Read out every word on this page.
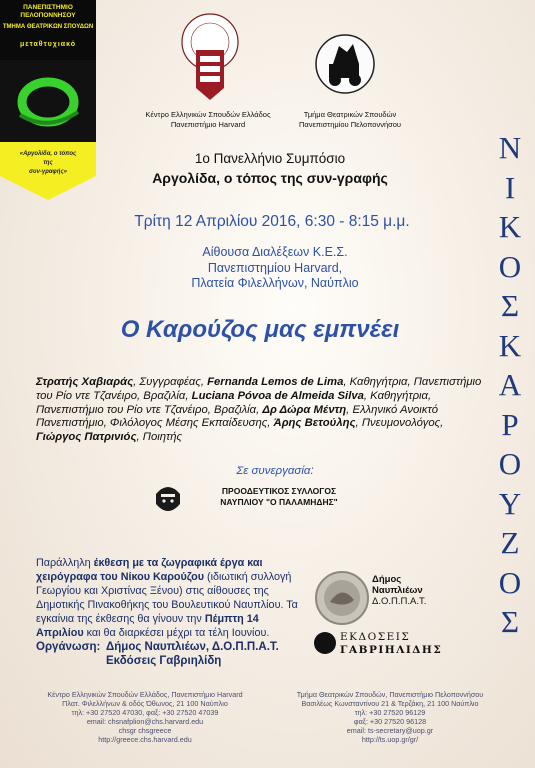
ΠΑΝΕΠΙΣΤΗΜΙΟ
ΠΕΛΟΠΟΝΝΗΣΟΥ
ΤΜΗΜΑ ΘΕΑΤΡΙΚΩΝ ΣΠΟΥΔΩΝ
μεταθτυχιακό
«Αργολίδα, ο τόπος
της
συν-γραφής»
Κέντρο Ελληνικών Σπουδών Ελλάδος
Πανεπιστήμιο Harvard
Τμήμα Θεατρικών Σπουδών
Πανεπιστημίου Πελοποννήσου
1ο Πανελλήνιο Συμπόσιο
Αργολίδα, ο τόπος της συν-γραφής
Τρίτη 12 Απριλίου 2016, 6:30 - 8:15 μ.μ.
Αίθουσα Διαλέξεων Κ.Ε.Σ.
Πανεπιστημίου Harvard,
Πλατεία Φιλελλήνων, Ναύπλιο
Ο Καρούζος μας εμπνέει
Στρατής Χαβιαράς, Συγγραφέας, Fernanda Lemos de Lima, Καθηγήτρια, Πανεπιστήμιο του Ρίο ντε Τζανέιρο, Βραζιλία, Luciana Póvoa de Almeida Silva, Καθηγήτρια, Πανεπιστήμιο του Ρίο ντε Τζανέιρο, Βραζιλία, Δρ Δώρα Μέντη, Ελληνικό Ανοικτό Πανεπιστήμιο, Φιλόλογος Μέσης Εκπαίδευσης, Άρης Βετούλης, Πνευμονολόγος, Γιώργος Πατρινιός, Ποιητής
Σε συνεργασία:
ΠΡΟΟΔΕΥΤΙΚΟΣ ΣΥΛΛΟΓΟΣ
ΝΑΥΠΛΙΟΥ "Ο ΠΑΛΑΜΗΔΗΣ"
Παράλληλη έκθεση με τα ζωγραφικά έργα και χειρόγραφα του Νίκου Καρούζου (ιδιωτική συλλογή Γεωργίου και Χριστίνας Ξένου) στις αίθουσες της Δημοτικής Πινακοθήκης του Βουλευτικού Ναυπλίου. Τα εγκαίνια της έκθεσης θα γίνουν την Πέμπτη 14 Απριλίου και θα διαρκέσει μέχρι τα τέλη Ιουνίου.
Οργάνωση: Δήμος Ναυπλιέων, Δ.Ο.Π.Π.Α.Τ.
Εκδόσεις Γαβριηλίδη
Δήμος
Ναυπλιέων
Δ.Ο.Π.Π.Α.Τ.
ΕΚΔΟΣΕΙΣ
ΓΑΒΡΙΗΛΙΔΗΣ
Ν
Ι
Κ
Ο
Σ
Κ
Α
Ρ
Ο
Υ
Ζ
Ο
Σ
Κέντρο Ελληνικών Σπουδών Ελλάδος, Πανεπιστήμιο Harvard
Πλατ. Φιλελλήνων & οδός Όθωνος, 21 100 Ναύπλιο
τηλ: +30 27520 47030, φαξ: +30 27520 47039
email: chsnafplion@chs.harvard.edu
chsgr chsgreece
http://greece.chs.harvard.edu
Τμήμα Θεατρικών Σπουδών, Πανεπιστήμιο Πελοποννήσου
Βασιλέως Κωνσταντίνου 21 & Τερζάκη, 21 100 Ναύπλιο
τηλ: +30 27520 96129
φαξ: +30 27520 96128
email: ts-secretary@uop.gr
http://ts.uop.gr/gr/
